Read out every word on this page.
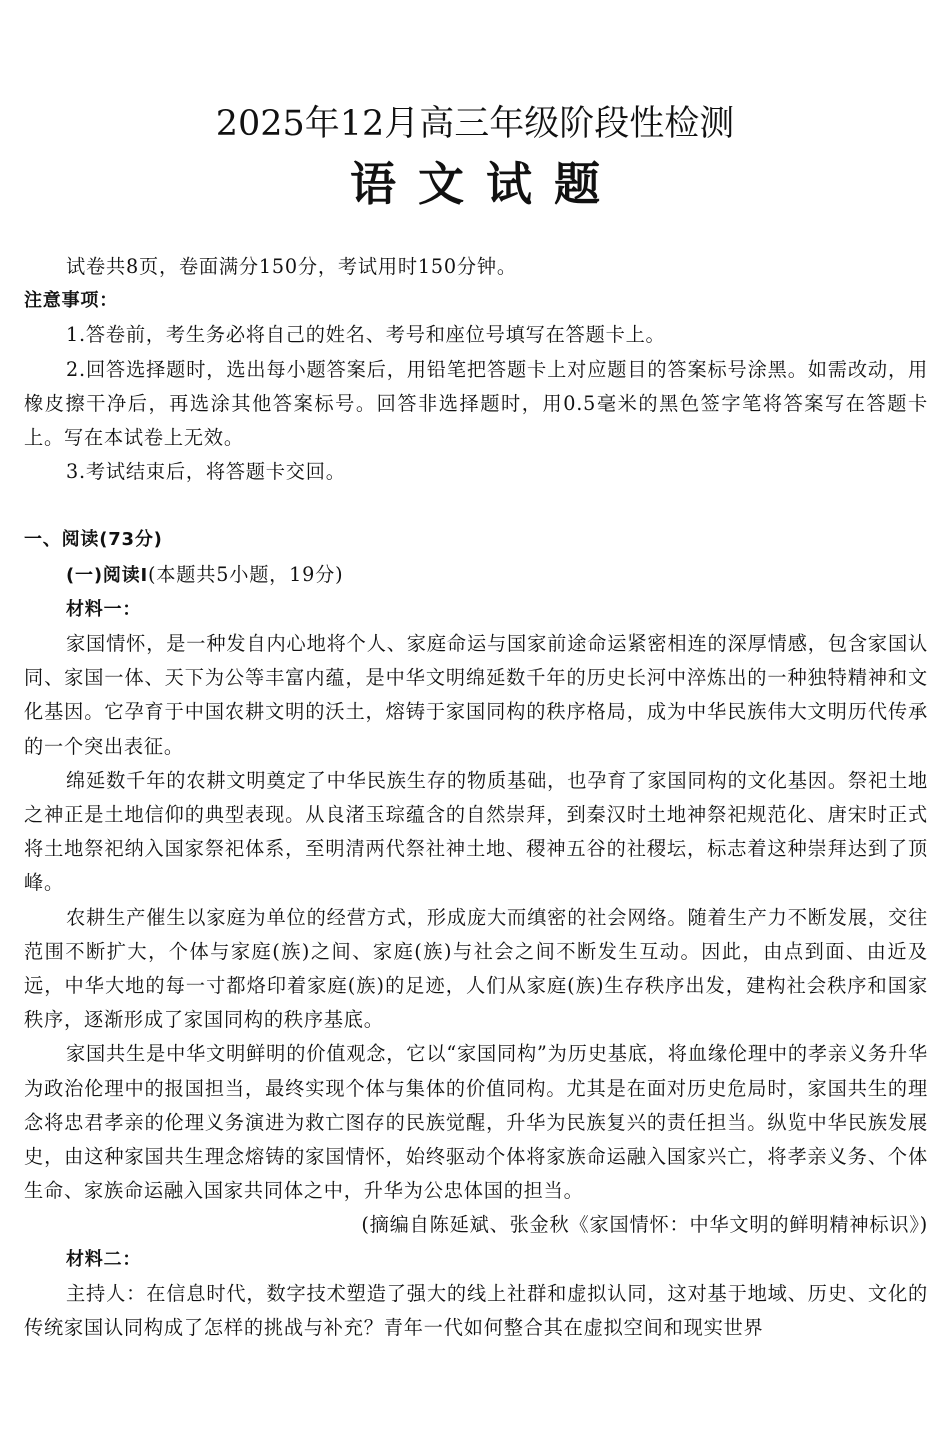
2025年12月高三年级阶段性检测
语文试题

试卷共8页，卷面满分150分，考试用时150分钟。

注意事项：

1.答卷前，考生务必将自己的姓名、考号和座位号填写在答题卡上。

2.回答选择题时，选出每小题答案后，用铅笔把答题卡上对应题目的答案标号涂黑。如需改动，用橡皮擦干净后，再选涂其他答案标号。回答非选择题时，用0.5毫米的黑色签字笔将答案写在答题卡上。写在本试卷上无效。

3.考试结束后，将答题卡交回。

一、阅读(73分)

(一)阅读Ⅰ(本题共5小题，19分)

材料一：

家国情怀，是一种发自内心地将个人、家庭命运与国家前途命运紧密相连的深厚情感，包含家国认同、家国一体、天下为公等丰富内蕴，是中华文明绵延数千年的历史长河中淬炼出的一种独特精神和文化基因。它孕育于中国农耕文明的沃土，熔铸于家国同构的秩序格局，成为中华民族伟大文明历代传承的一个突出表征。

绵延数千年的农耕文明奠定了中华民族生存的物质基础，也孕育了家国同构的文化基因。祭祀土地之神正是土地信仰的典型表现。从良渚玉琮蕴含的自然崇拜，到秦汉时土地神祭祀规范化、唐宋时正式将土地祭祀纳入国家祭祀体系，至明清两代祭社神土地、稷神五谷的社稷坛，标志着这种崇拜达到了顶峰。

农耕生产催生以家庭为单位的经营方式，形成庞大而缜密的社会网络。随着生产力不断发展，交往范围不断扩大，个体与家庭(族)之间、家庭(族)与社会之间不断发生互动。因此，由点到面、由近及远，中华大地的每一寸都烙印着家庭(族)的足迹，人们从家庭(族)生存秩序出发，建构社会秩序和国家秩序，逐渐形成了家国同构的秩序基底。

家国共生是中华文明鲜明的价值观念，它以“家国同构”为历史基底，将血缘伦理中的孝亲义务升华为政治伦理中的报国担当，最终实现个体与集体的价值同构。尤其是在面对历史危局时，家国共生的理念将忠君孝亲的伦理义务演进为救亡图存的民族觉醒，升华为民族复兴的责任担当。纵览中华民族发展史，由这种家国共生理念熔铸的家国情怀，始终驱动个体将家族命运融入国家兴亡，将孝亲义务、个体生命、家族命运融入国家共同体之中，升华为公忠体国的担当。

(摘编自陈延斌、张金秋《家国情怀：中华文明的鲜明精神标识》)

材料二：

主持人：在信息时代，数字技术塑造了强大的线上社群和虚拟认同，这对基于地域、历史、文化的传统家国认同构成了怎样的挑战与补充？青年一代如何整合其在虚拟空间和现实世界
